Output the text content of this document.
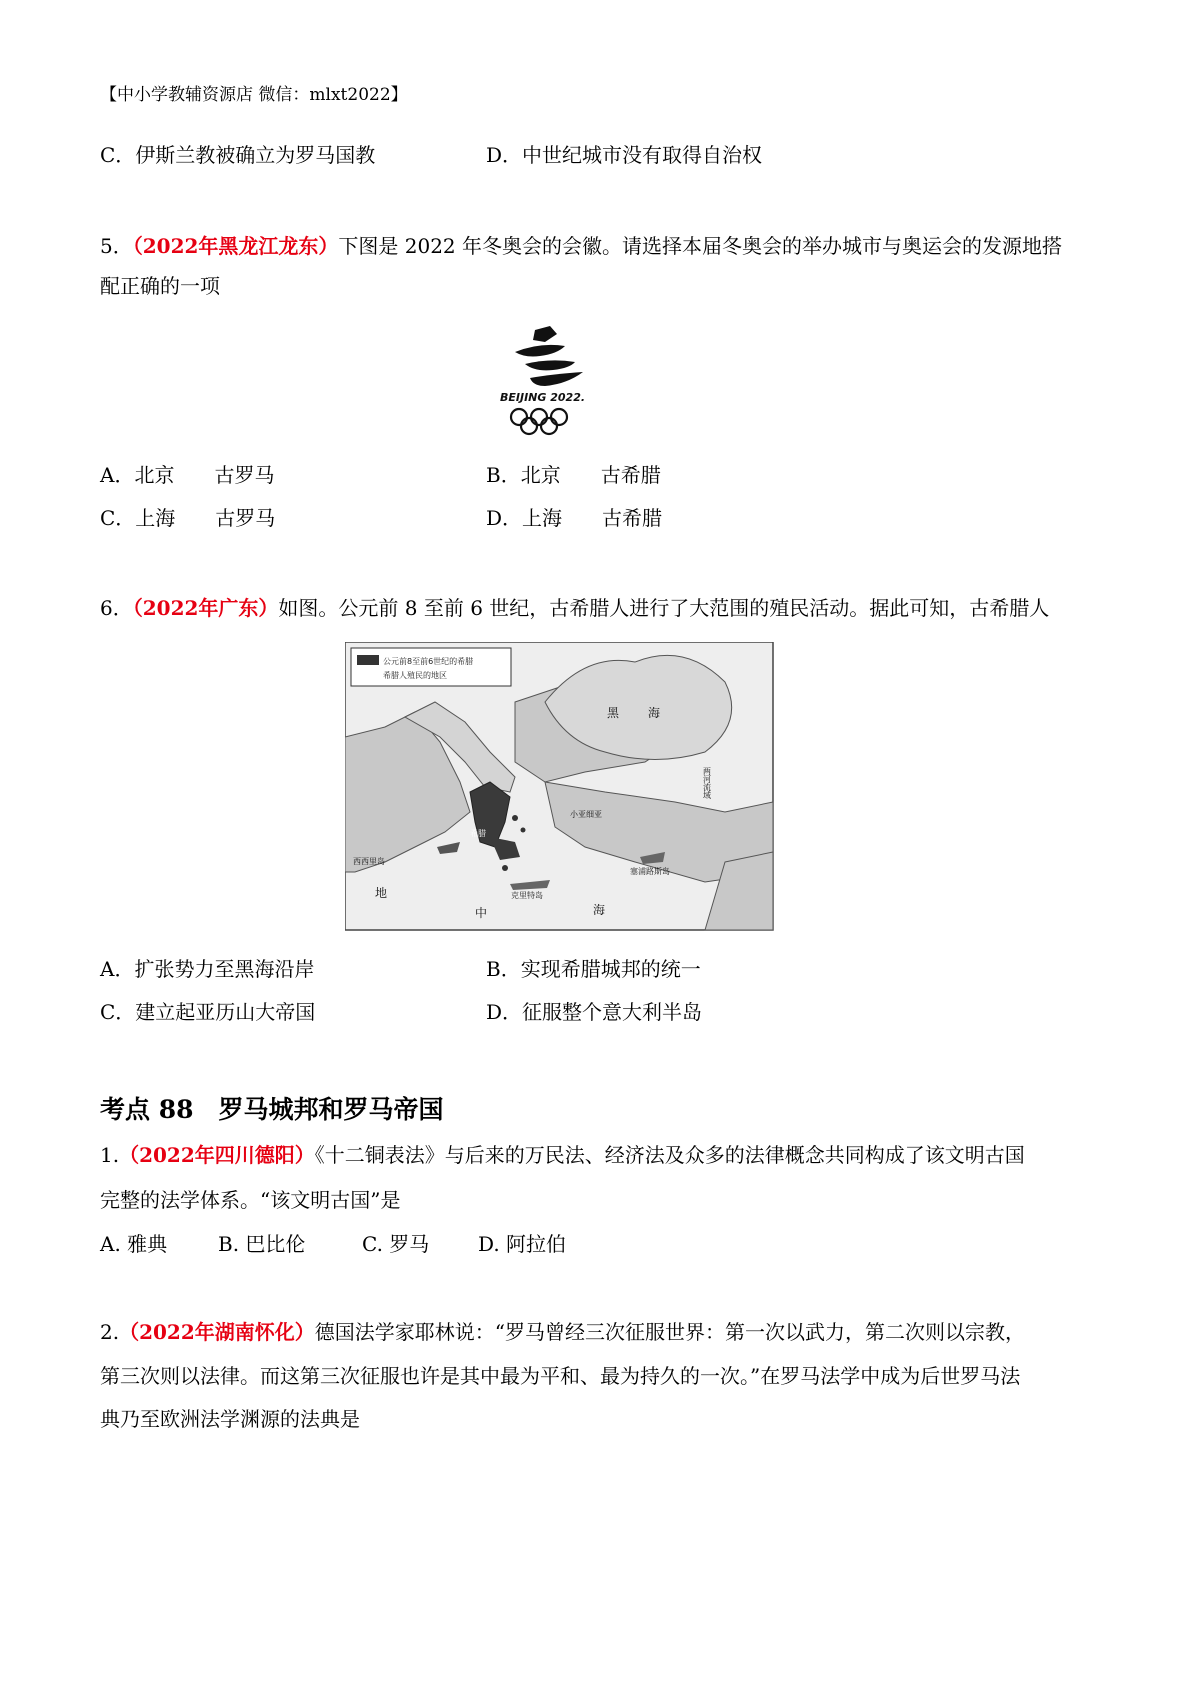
【中小学教辅资源店 微信：mlxt2022】
C．伊斯兰教被确立为罗马国教	D．中世纪城市没有取得自治权
5．（2022年黑龙江龙东）下图是 2022 年冬奥会的会徽。请选择本届冬奥会的举办城市与奥运会的发源地搭
配正确的一项
BEIJING 2022.
A．北京　　古罗马	B．北京　　古希腊
C．上海　　古罗马	D．上海　　古希腊
6．（2022年广东）如图。公元前 8 至前 6 世纪，古希腊人进行了大范围的殖民活动。据此可知，古希腊人
公元前8至前6世纪的希腊
希腊人殖民的地区
黑 海
小亚细亚
两河流域
西西里岛
希腊
克里特岛
塞浦路斯岛
地
中	海
A．扩张势力至黑海沿岸	B．实现希腊城邦的统一
C．建立起亚历山大帝国	D．征服整个意大利半岛
考点 88　罗马城邦和罗马帝国
1.（2022年四川德阳）《十二铜表法》与后来的万民法、经济法及众多的法律概念共同构成了该文明古国
完整的法学体系。“该文明古国”是
A. 雅典	B. 巴比伦	C. 罗马 D. 阿拉伯
2.（2022年湖南怀化）德国法学家耶林说：“罗马曾经三次征服世界：第一次以武力，第二次则以宗教，
第三次则以法律。而这第三次征服也许是其中最为平和、最为持久的一次。”在罗马法学中成为后世罗马法
典乃至欧洲法学渊源的法典是
